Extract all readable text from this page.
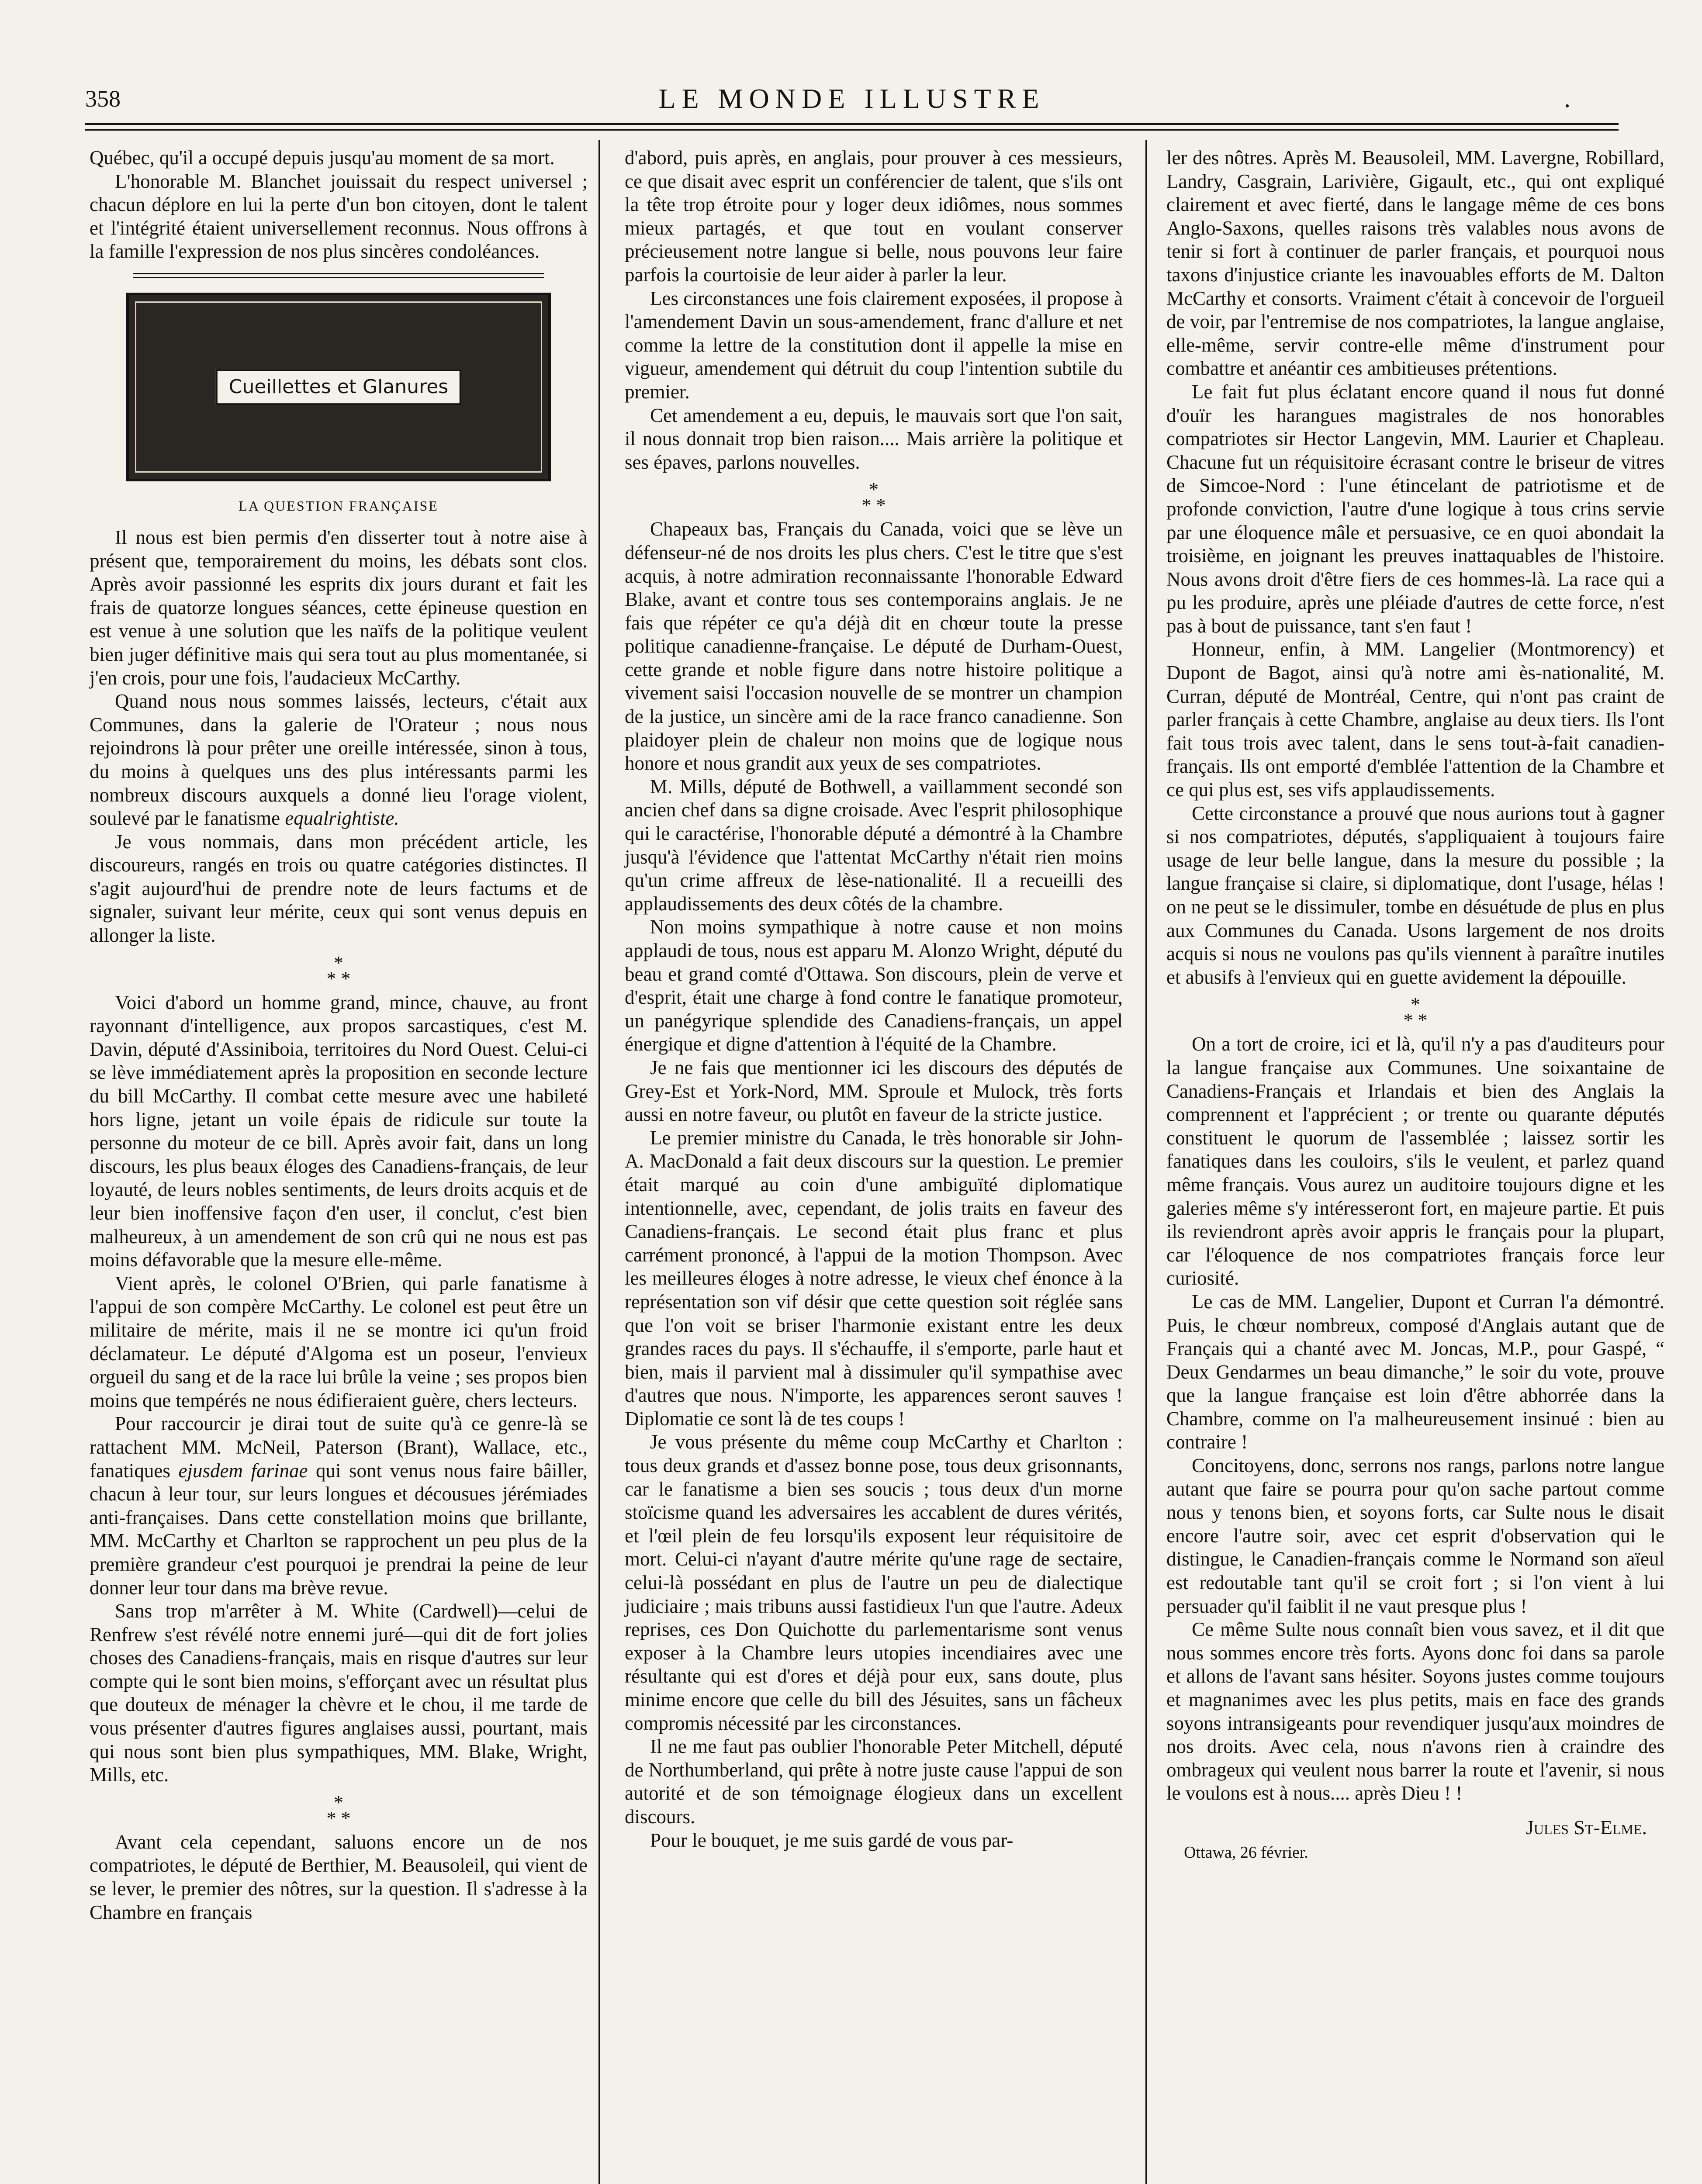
358	LE MONDE ILLUSTRE	.

Québec, qu'il a occupé depuis jusqu'au moment de sa mort.

L'honorable M. Blanchet jouissait du respect universel ; chacun déplore en lui la perte d'un bon citoyen, dont le talent et l'intégrité étaient universellement reconnus. Nous offrons à la famille l'expression de nos plus sincères condoléances.

Cueillettes et Glanures
LA QUESTION FRANÇAISE

Il nous est bien permis d'en disserter tout à notre aise à présent que, temporairement du moins, les débats sont clos. Après avoir passionné les esprits dix jours durant et fait les frais de quatorze longues séances, cette épineuse question en est venue à une solution que les naïfs de la politique veulent bien juger définitive mais qui sera tout au plus momentanée, si j'en crois, pour une fois, l'audacieux McCarthy.

Quand nous nous sommes laissés, lecteurs, c'était aux Communes, dans la galerie de l'Orateur ; nous nous rejoindrons là pour prêter une oreille intéressée, sinon à tous, du moins à quelques uns des plus intéressants parmi les nombreux discours auxquels a donné lieu l'orage violent, soulevé par le fanatisme equalrightiste.

Je vous nommais, dans mon précédent article, les discoureurs, rangés en trois ou quatre catégories distinctes. Il s'agit aujourd'hui de prendre note de leurs factums et de signaler, suivant leur mérite, ceux qui sont venus depuis en allonger la liste.

*
* *

Voici d'abord un homme grand, mince, chauve, au front rayonnant d'intelligence, aux propos sarcastiques, c'est M. Davin, député d'Assiniboia, territoires du Nord Ouest. Celui-ci se lève immédiatement après la proposition en seconde lecture du bill McCarthy. Il combat cette mesure avec une habileté hors ligne, jetant un voile épais de ridicule sur toute la personne du moteur de ce bill. Après avoir fait, dans un long discours, les plus beaux éloges des Canadiens-français, de leur loyauté, de leurs nobles sentiments, de leurs droits acquis et de leur bien inoffensive façon d'en user, il conclut, c'est bien malheureux, à un amendement de son crû qui ne nous est pas moins défavorable que la mesure elle-même.

Vient après, le colonel O'Brien, qui parle fanatisme à l'appui de son compère McCarthy. Le colonel est peut être un militaire de mérite, mais il ne se montre ici qu'un froid déclamateur. Le député d'Algoma est un poseur, l'envieux orgueil du sang et de la race lui brûle la veine ; ses propos bien moins que tempérés ne nous édifieraient guère, chers lecteurs.

Pour raccourcir je dirai tout de suite qu'à ce genre-là se rattachent MM. McNeil, Paterson (Brant), Wallace, etc., fanatiques ejusdem farinae qui sont venus nous faire bâiller, chacun à leur tour, sur leurs longues et décousues jérémiades anti-françaises. Dans cette constellation moins que brillante, MM. McCarthy et Charlton se rapprochent un peu plus de la première grandeur c'est pourquoi je prendrai la peine de leur donner leur tour dans ma brève revue.

Sans trop m'arrêter à M. White (Cardwell)—celui de Renfrew s'est révélé notre ennemi juré—qui dit de fort jolies choses des Canadiens-français, mais en risque d'autres sur leur compte qui le sont bien moins, s'efforçant avec un résultat plus que douteux de ménager la chèvre et le chou, il me tarde de vous présenter d'autres figures anglaises aussi, pourtant, mais qui nous sont bien plus sympathiques, MM. Blake, Wright, Mills, etc.

*
* *

Avant cela cependant, saluons encore un de nos compatriotes, le député de Berthier, M. Beausoleil, qui vient de se lever, le premier des nôtres, sur la question. Il s'adresse à la Chambre en français

d'abord, puis après, en anglais, pour prouver à ces messieurs, ce que disait avec esprit un conférencier de talent, que s'ils ont la tête trop étroite pour y loger deux idiômes, nous sommes mieux partagés, et que tout en voulant conserver précieusement notre langue si belle, nous pouvons leur faire parfois la courtoisie de leur aider à parler la leur.

Les circonstances une fois clairement exposées, il propose à l'amendement Davin un sous-amendement, franc d'allure et net comme la lettre de la constitution dont il appelle la mise en vigueur, amendement qui détruit du coup l'intention subtile du premier.

Cet amendement a eu, depuis, le mauvais sort que l'on sait, il nous donnait trop bien raison.... Mais arrière la politique et ses épaves, parlons nouvelles.

*
* *

Chapeaux bas, Français du Canada, voici que se lève un défenseur-né de nos droits les plus chers. C'est le titre que s'est acquis, à notre admiration reconnaissante l'honorable Edward Blake, avant et contre tous ses contemporains anglais. Je ne fais que répéter ce qu'a déjà dit en chœur toute la presse politique canadienne-française. Le député de Durham-Ouest, cette grande et noble figure dans notre histoire politique a vivement saisi l'occasion nouvelle de se montrer un champion de la justice, un sincère ami de la race franco canadienne. Son plaidoyer plein de chaleur non moins que de logique nous honore et nous grandit aux yeux de ses compatriotes.

M. Mills, député de Bothwell, a vaillamment secondé son ancien chef dans sa digne croisade. Avec l'esprit philosophique qui le caractérise, l'honorable député a démontré à la Chambre jusqu'à l'évidence que l'attentat McCarthy n'était rien moins qu'un crime affreux de lèse-nationalité. Il a recueilli des applaudissements des deux côtés de la chambre.

Non moins sympathique à notre cause et non moins applaudi de tous, nous est apparu M. Alonzo Wright, député du beau et grand comté d'Ottawa. Son discours, plein de verve et d'esprit, était une charge à fond contre le fanatique promoteur, un panégyrique splendide des Canadiens-français, un appel énergique et digne d'attention à l'équité de la Chambre.

Je ne fais que mentionner ici les discours des députés de Grey-Est et York-Nord, MM. Sproule et Mulock, très forts aussi en notre faveur, ou plutôt en faveur de la stricte justice.

Le premier ministre du Canada, le très honorable sir John-A. MacDonald a fait deux discours sur la question. Le premier était marqué au coin d'une ambiguïté diplomatique intentionnelle, avec, cependant, de jolis traits en faveur des Canadiens-français. Le second était plus franc et plus carrément prononcé, à l'appui de la motion Thompson. Avec les meilleures éloges à notre adresse, le vieux chef énonce à la représentation son vif désir que cette question soit réglée sans que l'on voit se briser l'harmonie existant entre les deux grandes races du pays. Il s'échauffe, il s'emporte, parle haut et bien, mais il parvient mal à dissimuler qu'il sympathise avec d'autres que nous. N'importe, les apparences seront sauves ! Diplomatie ce sont là de tes coups !

Je vous présente du même coup McCarthy et Charlton : tous deux grands et d'assez bonne pose, tous deux grisonnants, car le fanatisme a bien ses soucis ; tous deux d'un morne stoïcisme quand les adversaires les accablent de dures vérités, et l'œil plein de feu lorsqu'ils exposent leur réquisitoire de mort. Celui-ci n'ayant d'autre mérite qu'une rage de sectaire, celui-là possédant en plus de l'autre un peu de dialectique judiciaire ; mais tribuns aussi fastidieux l'un que l'autre. Adeux reprises, ces Don Quichotte du parlementarisme sont venus exposer à la Chambre leurs utopies incendiaires avec une résultante qui est d'ores et déjà pour eux, sans doute, plus minime encore que celle du bill des Jésuites, sans un fâcheux compromis nécessité par les circonstances.

Il ne me faut pas oublier l'honorable Peter Mitchell, député de Northumberland, qui prête à notre juste cause l'appui de son autorité et de son témoignage élogieux dans un excellent discours.

Pour le bouquet, je me suis gardé de vous par-

ler des nôtres. Après M. Beausoleil, MM. Lavergne, Robillard, Landry, Casgrain, Larivière, Gigault, etc., qui ont expliqué clairement et avec fierté, dans le langage même de ces bons Anglo-Saxons, quelles raisons très valables nous avons de tenir si fort à continuer de parler français, et pourquoi nous taxons d'injustice criante les inavouables efforts de M. Dalton McCarthy et consorts. Vraiment c'était à concevoir de l'orgueil de voir, par l'entremise de nos compatriotes, la langue anglaise, elle-même, servir contre-elle même d'instrument pour combattre et anéantir ces ambitieuses prétentions.

Le fait fut plus éclatant encore quand il nous fut donné d'ouïr les harangues magistrales de nos honorables compatriotes sir Hector Langevin, MM. Laurier et Chapleau. Chacune fut un réquisitoire écrasant contre le briseur de vitres de Simcoe-Nord : l'une étincelant de patriotisme et de profonde conviction, l'autre d'une logique à tous crins servie par une éloquence mâle et persuasive, ce en quoi abondait la troisième, en joignant les preuves inattaquables de l'histoire. Nous avons droit d'être fiers de ces hommes-là. La race qui a pu les produire, après une pléiade d'autres de cette force, n'est pas à bout de puissance, tant s'en faut !

Honneur, enfin, à MM. Langelier (Montmorency) et Dupont de Bagot, ainsi qu'à notre ami ès-nationalité, M. Curran, député de Montréal, Centre, qui n'ont pas craint de parler français à cette Chambre, anglaise au deux tiers. Ils l'ont fait tous trois avec talent, dans le sens tout-à-fait canadien-français. Ils ont emporté d'emblée l'attention de la Chambre et ce qui plus est, ses vifs applaudissements.

Cette circonstance a prouvé que nous aurions tout à gagner si nos compatriotes, députés, s'appliquaient à toujours faire usage de leur belle langue, dans la mesure du possible ; la langue française si claire, si diplomatique, dont l'usage, hélas ! on ne peut se le dissimuler, tombe en désuétude de plus en plus aux Communes du Canada. Usons largement de nos droits acquis si nous ne voulons pas qu'ils viennent à paraître inutiles et abusifs à l'envieux qui en guette avidement la dépouille.

*
* *

On a tort de croire, ici et là, qu'il n'y a pas d'auditeurs pour la langue française aux Communes. Une soixantaine de Canadiens-Français et Irlandais et bien des Anglais la comprennent et l'apprécient ; or trente ou quarante députés constituent le quorum de l'assemblée ; laissez sortir les fanatiques dans les couloirs, s'ils le veulent, et parlez quand même français. Vous aurez un auditoire toujours digne et les galeries même s'y intéresseront fort, en majeure partie. Et puis ils reviendront après avoir appris le français pour la plupart, car l'éloquence de nos compatriotes français force leur curiosité.

Le cas de MM. Langelier, Dupont et Curran l'a démontré. Puis, le chœur nombreux, composé d'Anglais autant que de Français qui a chanté avec M. Joncas, M.P., pour Gaspé, “ Deux Gendarmes un beau dimanche,” le soir du vote, prouve que la langue française est loin d'être abhorrée dans la Chambre, comme on l'a malheureusement insinué : bien au contraire !

Concitoyens, donc, serrons nos rangs, parlons notre langue autant que faire se pourra pour qu'on sache partout comme nous y tenons bien, et soyons forts, car Sulte nous le disait encore l'autre soir, avec cet esprit d'observation qui le distingue, le Canadien-français comme le Normand son aïeul est redoutable tant qu'il se croit fort ; si l'on vient à lui persuader qu'il faiblit il ne vaut presque plus !

Ce même Sulte nous connaît bien vous savez, et il dit que nous sommes encore très forts. Ayons donc foi dans sa parole et allons de l'avant sans hésiter. Soyons justes comme toujours et magnanimes avec les plus petits, mais en face des grands soyons intransigeants pour revendiquer jusqu'aux moindres de nos droits. Avec cela, nous n'avons rien à craindre des ombrageux qui veulent nous barrer la route et l'avenir, si nous le voulons est à nous.... après Dieu ! !

Jules St-Elme.
Ottawa, 26 février.
